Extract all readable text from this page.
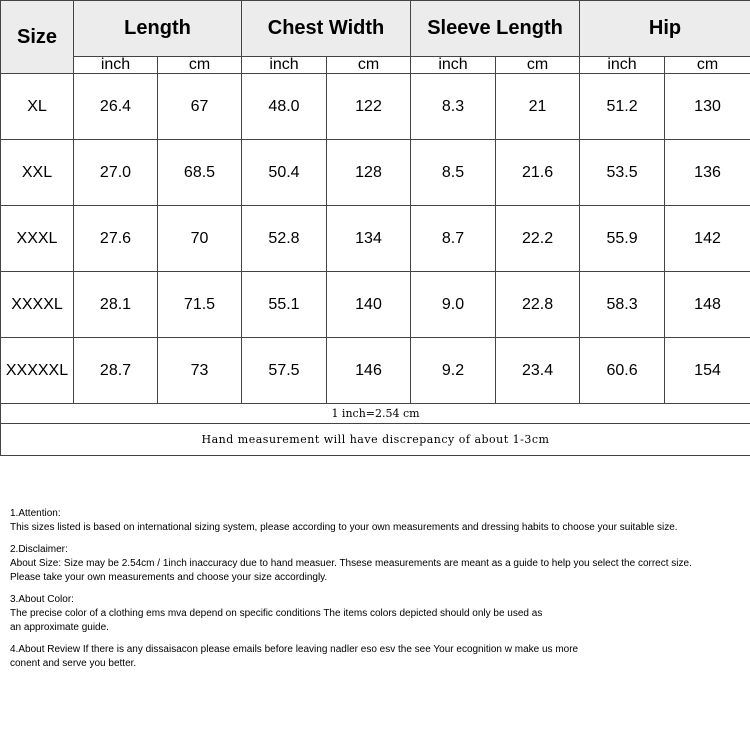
Size	Length		Chest Width		Sleeve Length		Hip	
	inch	cm	inch	cm	inch	cm	inch	cm
XL	26.4	67	48.0	122	8.3	21	51.2	130
XXL	27.0	68.5	50.4	128	8.5	21.6	53.5	136
XXXL	27.6	70	52.8	134	8.7	22.2	55.9	142
XXXXL	28.1	71.5	55.1	140	9.0	22.8	58.3	148
XXXXXL	28.7	73	57.5	146	9.2	23.4	60.6	154
1 inch=2.54 cm								
Hand measurement will have discrepancy of about 1-3cm								

1.Attention:
This sizes listed is based on international sizing system, please according to your own measurements and dressing habits to choose your suitable size.

2.Disclaimer:
About Size: Size may be 2.54cm / 1inch inaccuracy due to hand measuer. Thsese measurements are meant as a guide to help you select the correct size.
Please take your own measurements and choose your size accordingly.

3.About Color:
The precise color of a clothing ems mva depend on specific conditions The items colors depicted should only be used as
an approximate guide.

4.About Review If there is any dissaisacon please emails before leaving nadler eso esv the see Your ecognition w make us more
conent and serve you better.
